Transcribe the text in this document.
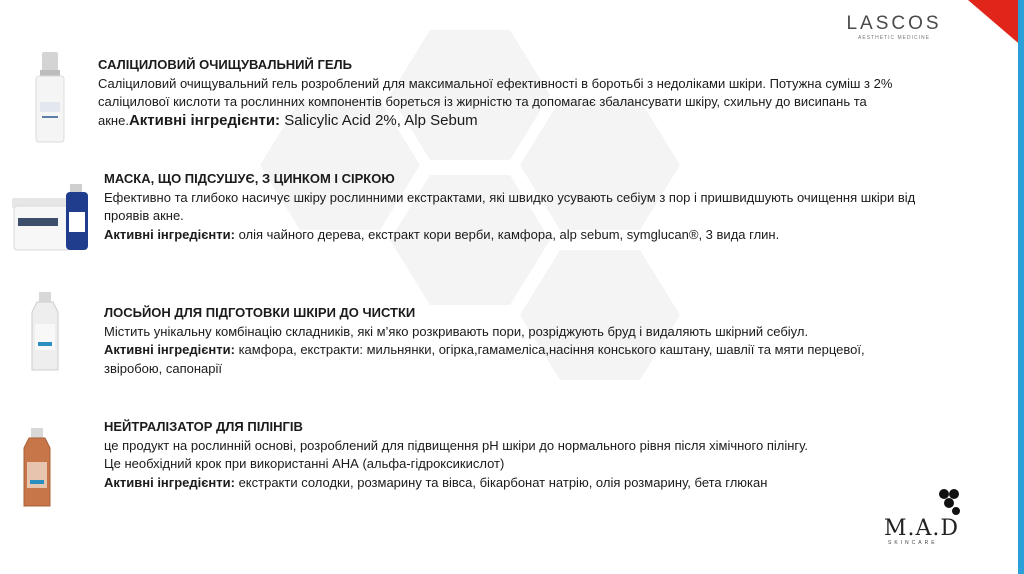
LASCOS
AESTHETIC MEDICINE
САЛІЦИЛОВИЙ ОЧИЩУВАЛЬНИЙ ГЕЛЬ
Саліциловий очищувальний гель розроблений для максимальної ефективності в боротьбі з недоліками шкіри. Потужна суміш з 2% саліцилової кислоти та рослинних компонентів бореться із жирністю та допомагає збалансувати шкіру, схильну до висипань та акне.Активні інгредієнти: Salicylic Acid 2%, Alp Sebum
МАСКА, ЩО ПІДСУШУЄ, З ЦИНКОМ І СІРКОЮ
Ефективно та глибоко насичує шкіру рослинними екстрактами, які швидко усувають себіум з пор і пришвидшують очищення шкіри від проявів акне.
Активні інгредієнти: олія чайного дерева, екстракт кори верби, камфора, alp sebum, symglucan®, 3 вида глин.
ЛОСЬЙОН ДЛЯ ПІДГОТОВКИ ШКІРИ ДО ЧИСТКИ
Містить унікальну комбінацію складників, які м’яко розкривають пори, розріджують бруд і видаляють шкірний себіул.
Активні інгредієнти: камфора, екстракти: мильнянки, огірка,гамамеліса,насіння конського каштану, шавлії та мяти перцевої, звіробою, сапонарії
НЕЙТРАЛІЗАТОР ДЛЯ ПІЛІНГІВ
це продукт на рослинній основі, розроблений для підвищення рН шкіри до нормального рівня після хімічного пілінгу.
Це необхідний крок при використанні АНА (альфа-гідроксикислот)
Активні інгредієнти: екстракти солодки, розмарину та вівса, бікарбонат натрію, олія розмарину, бета глюкан
M.A.D
SKINCARE
